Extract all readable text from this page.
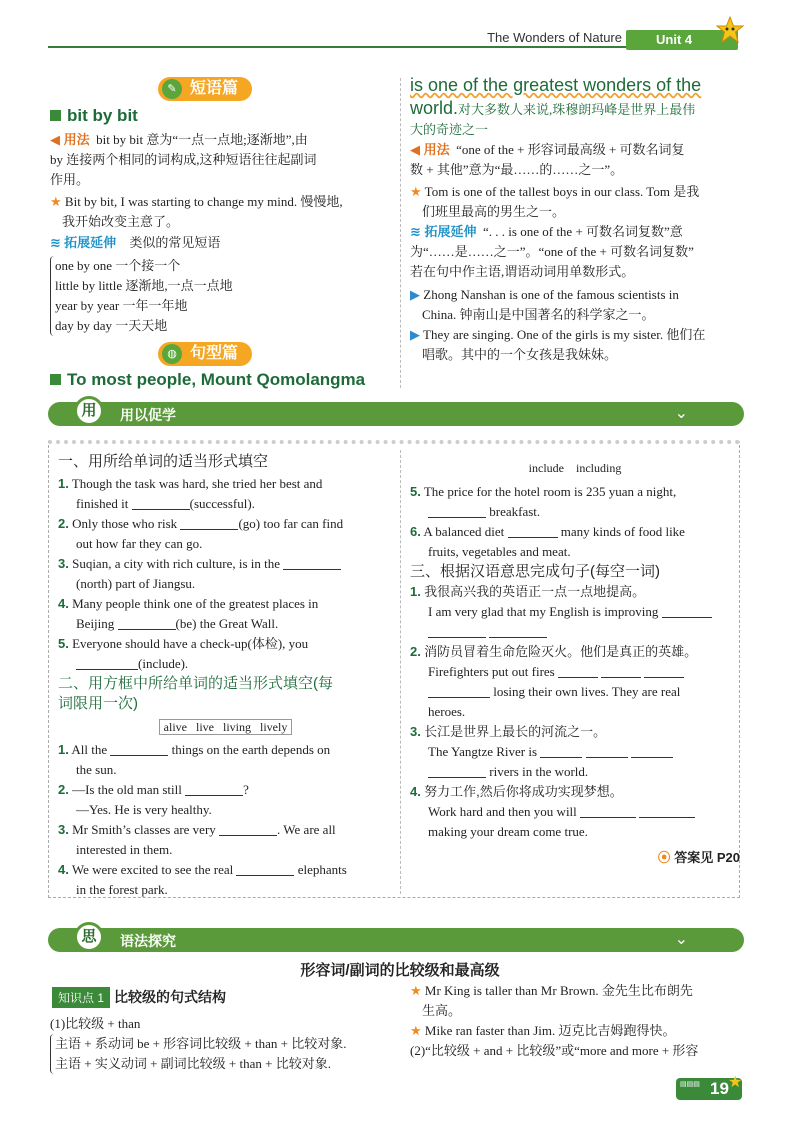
The Wonders of Nature	Unit 4
✎ 短语篇
bit by bit
◀ 用法 bit by bit 意为“一点一点地;逐渐地”,由
by 连接两个相同的词构成,这种短语往往起副词
作用。
★ Bit by bit, I was starting to change my mind. 慢慢地,
我开始改变主意了。
≋ 拓展延伸 类似的常见短语
one by one 一个接一个
little by little 逐渐地,一点一点地
year by year 一年一年地
day by day 一天天地
◍ 句型篇
To most people, Mount Qomolangma
is one of the greatest wonders of the
world.对大多数人来说,珠穆朗玛峰是世界上最伟
大的奇迹之一
◀ 用法 “one of the + 形容词最高级 + 可数名词复
数 + 其他”意为“最……的……之一”。
★ Tom is one of the tallest boys in our class. Tom 是我
们班里最高的男生之一。
≋ 拓展延伸 “. . . is one of the + 可数名词复数”意
为“……是……之一”。“one of the + 可数名词复数”
若在句中作主语,谓语动词用单数形式。
▶ Zhong Nanshan is one of the famous scientists in
China. 钟南山是中国著名的科学家之一。
▶ They are singing. One of the girls is my sister. 他们在
唱歌。其中的一个女孩是我妹妹。
用	用以促学	⌄
一、用所给单词的适当形式填空
1. Though the task was hard, she tried her best and
finished it	(successful).
2. Only those who risk	(go) too far can find
out how far they can go.
3. Suqian, a city with rich culture, is in the
(north) part of Jiangsu.
4. Many people think one of the greatest places in
Beijing	(be) the Great Wall.
5. Everyone should have a check-up(体检), you
(include).
二、用方框中所给单词的适当形式填空(每
词限用一次)
alive live living lively
1. All the	things on the earth depends on
the sun.
2. —Is the old man still	?
—Yes. He is very healthy.
3. Mr Smith’s classes are very	. We are all
interested in them.
4. We were excited to see the real	elephants
in the forest park.
include including
5. The price for the hotel room is 235 yuan a night,
breakfast.
6. A balanced diet	many kinds of food like
fruits, vegetables and meat.
三、根据汉语意思完成句子(每空一词)
1. 我很高兴我的英语正一点一点地提高。
I am very glad that my English is improving

2. 消防员冒着生命危险灭火。他们是真正的英雄。
Firefighters put out fires
losing their own lives. They are real
heroes.
3. 长江是世界上最长的河流之一。
The Yangtze River is
rivers in the world.
4. 努力工作,然后你将成功实现梦想。
Work hard and then you will
making your dream come true.
⦿ 答案见 P20
思	语法探究	⌄
形容词/副词的比较级和最高级
知识点 1 比较级的句式结构
(1)比较级 + than
主语 + 系动词 be + 形容词比较级 + than + 比较对象.
主语 + 实义动词 + 副词比较级 + than + 比较对象.
★ Mr King is taller than Mr Brown. 金先生比布朗先
生高。
★ Mike ran faster than Jim. 迈克比吉姆跑得快。
(2)“比较级 + and + 比较级”或“more and more + 形容
▤▤▤ 19 ★
